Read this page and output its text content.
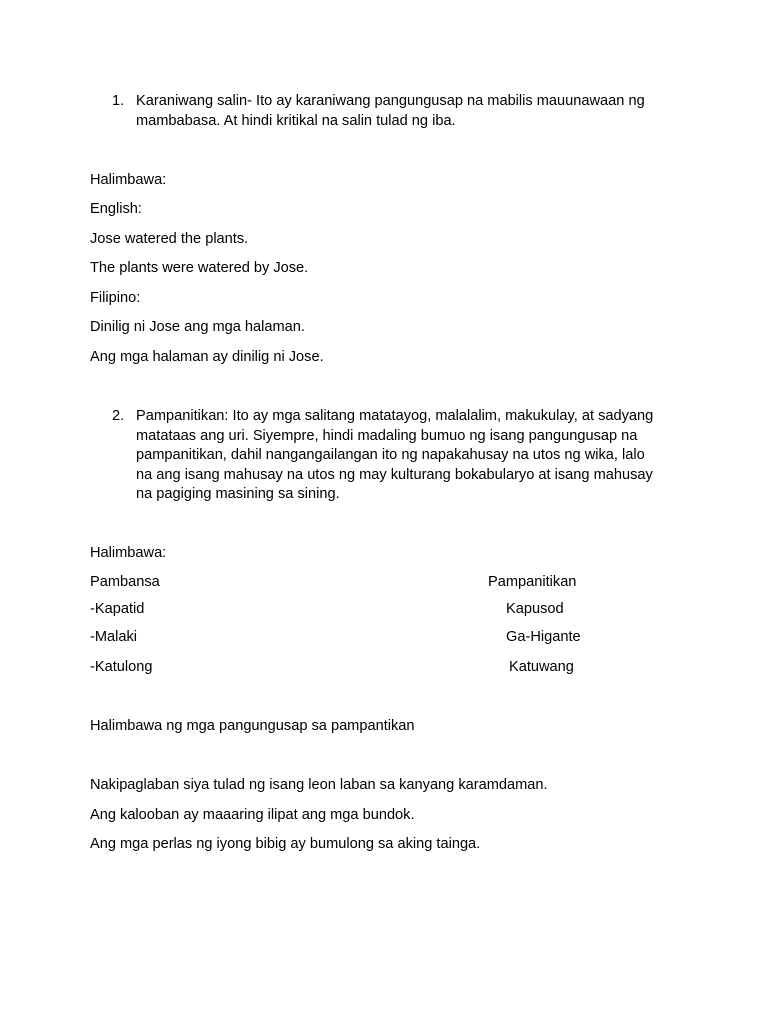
1. Karaniwang salin- Ito ay karaniwang pangungusap na mabilis mauunawaan ng
mambabasa. At hindi kritikal na salin tulad ng iba.
Halimbawa:
English:
Jose watered the plants.
The plants were watered by Jose.
Filipino:
Dinilig ni Jose ang mga halaman.
Ang mga halaman ay dinilig ni Jose.
2. Pampanitikan: Ito ay mga salitang matatayog, malalalim, makukulay, at sadyang
matataas ang uri. Siyempre, hindi madaling bumuo ng isang pangungusap na
pampanitikan, dahil nangangailangan ito ng napakahusay na utos ng wika, lalo
na ang isang mahusay na utos ng may kulturang bokabularyo at isang mahusay
na pagiging masining sa sining.
Halimbawa:
Pambansa	Pampanitikan
-Kapatid	Kapusod
-Malaki	Ga-Higante
-Katulong	Katuwang
Halimbawa ng mga pangungusap sa pampantikan
Nakipaglaban siya tulad ng isang leon laban sa kanyang karamdaman.
Ang kalooban ay maaaring ilipat ang mga bundok.
Ang mga perlas ng iyong bibig ay bumulong sa aking tainga.
